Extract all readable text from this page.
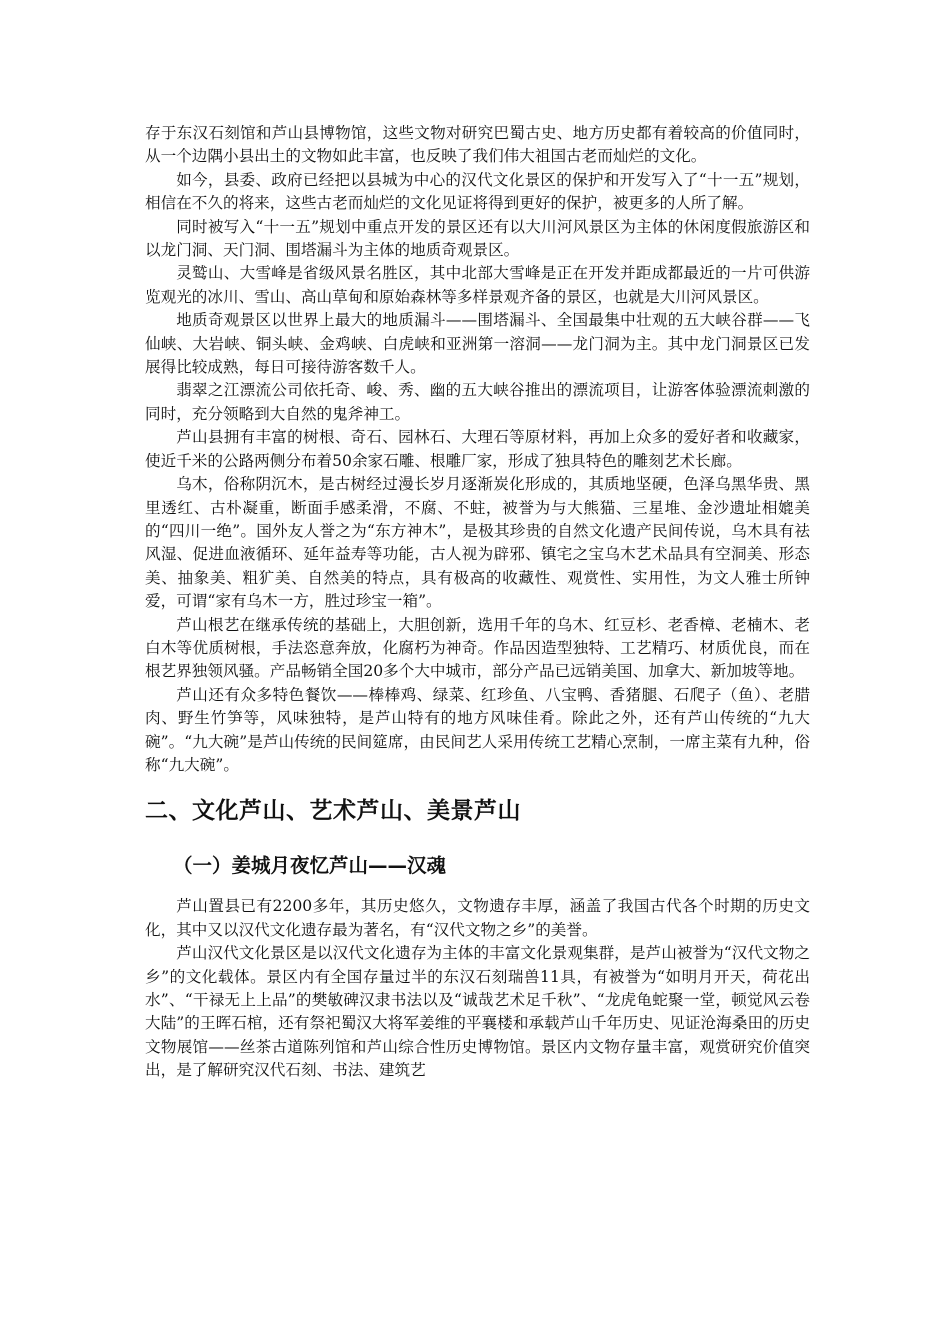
存于东汉石刻馆和芦山县博物馆，这些文物对研究巴蜀古史、地方历史都有着较高的价值同时，从一个边隅小县出土的文物如此丰富，也反映了我们伟大祖国古老而灿烂的文化。

如今，县委、政府已经把以县城为中心的汉代文化景区的保护和开发写入了“十一五”规划，相信在不久的将来，这些古老而灿烂的文化见证将得到更好的保护，被更多的人所了解。

同时被写入“十一五”规划中重点开发的景区还有以大川河风景区为主体的休闲度假旅游区和以龙门洞、天门洞、围塔漏斗为主体的地质奇观景区。

灵鹫山、大雪峰是省级风景名胜区，其中北部大雪峰是正在开发并距成都最近的一片可供游览观光的冰川、雪山、高山草甸和原始森林等多样景观齐备的景区，也就是大川河风景区。

地质奇观景区以世界上最大的地质漏斗——围塔漏斗、全国最集中壮观的五大峡谷群——飞仙峡、大岩峡、铜头峡、金鸡峡、白虎峡和亚洲第一溶洞——龙门洞为主。其中龙门洞景区已发展得比较成熟，每日可接待游客数千人。

翡翠之江漂流公司依托奇、峻、秀、幽的五大峡谷推出的漂流项目，让游客体验漂流刺激的同时，充分领略到大自然的鬼斧神工。

芦山县拥有丰富的树根、奇石、园林石、大理石等原材料，再加上众多的爱好者和收藏家，使近千米的公路两侧分布着50余家石雕、根雕厂家，形成了独具特色的雕刻艺术长廊。

乌木，俗称阴沉木，是古树经过漫长岁月逐渐炭化形成的，其质地坚硬，色泽乌黑华贵、黑里透红、古朴凝重，断面手感柔滑，不腐、不蛀，被誉为与大熊猫、三星堆、金沙遗址相媲美的“四川一绝”。国外友人誉之为“东方神木”，是极其珍贵的自然文化遗产民间传说，乌木具有祛风湿、促进血液循环、延年益寿等功能，古人视为辟邪、镇宅之宝乌木艺术品具有空洞美、形态美、抽象美、粗犷美、自然美的特点，具有极高的收藏性、观赏性、实用性，为文人雅士所钟爱，可谓“家有乌木一方，胜过珍宝一箱”。

芦山根艺在继承传统的基础上，大胆创新，选用千年的乌木、红豆杉、老香樟、老楠木、老白木等优质树根，手法恣意奔放，化腐朽为神奇。作品因造型独特、工艺精巧、材质优良，而在根艺界独领风骚。产品畅销全国20多个大中城市，部分产品已远销美国、加拿大、新加坡等地。

芦山还有众多特色餐饮——棒棒鸡、绿菜、红珍鱼、八宝鸭、香猪腿、石爬子（鱼）、老腊肉、野生竹笋等，风味独特，是芦山特有的地方风味佳肴。除此之外，还有芦山传统的“九大碗”。“九大碗”是芦山传统的民间筵席，由民间艺人采用传统工艺精心烹制，一席主菜有九种，俗称“九大碗”。

二、文化芦山、艺术芦山、美景芦山
（一）姜城月夜忆芦山——汉魂

芦山置县已有2200多年，其历史悠久，文物遗存丰厚，涵盖了我国古代各个时期的历史文化，其中又以汉代文化遗存最为著名，有“汉代文物之乡”的美誉。

芦山汉代文化景区是以汉代文化遗存为主体的丰富文化景观集群，是芦山被誉为“汉代文物之乡”的文化载体。景区内有全国存量过半的东汉石刻瑞兽11具，有被誉为“如明月开天，荷花出水”、“干禄无上上品”的樊敏碑汉隶书法以及“诚哉艺术足千秋”、“龙虎龟蛇聚一堂，顿觉风云卷大陆”的王晖石棺，还有祭祀蜀汉大将军姜维的平襄楼和承载芦山千年历史、见证沧海桑田的历史文物展馆——丝茶古道陈列馆和芦山综合性历史博物馆。景区内文物存量丰富，观赏研究价值突出，是了解研究汉代石刻、书法、建筑艺
